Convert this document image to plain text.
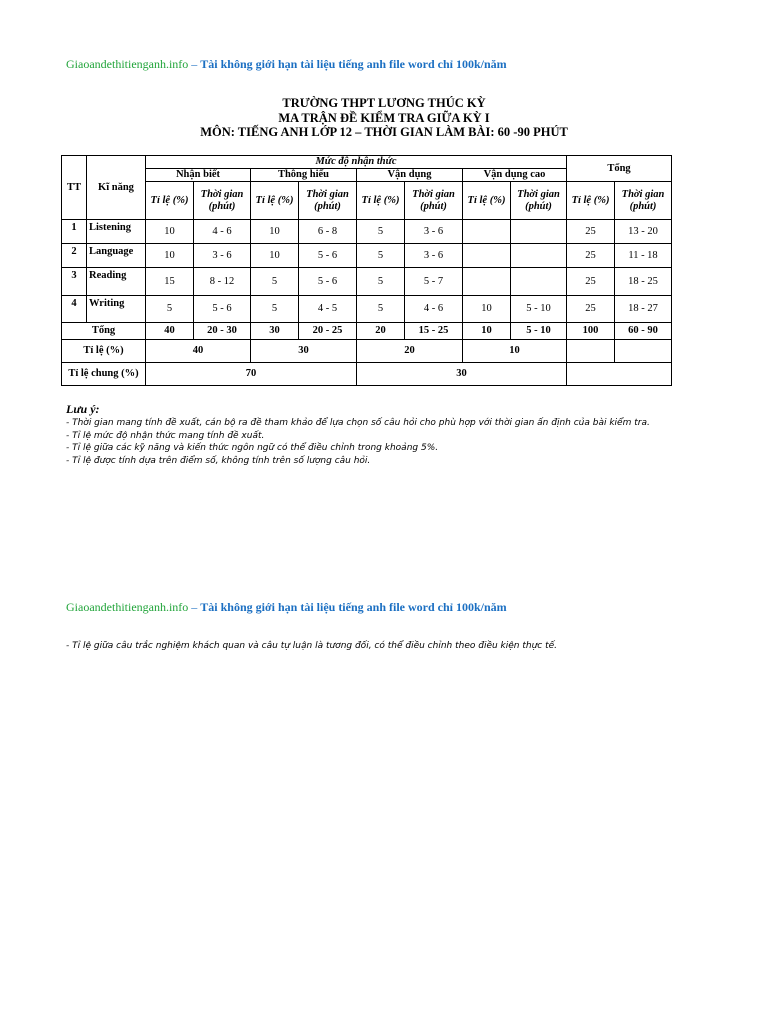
Giaoandethitienganh.info – Tài không giới hạn tài liệu tiếng anh file word chỉ 100k/năm
TRƯỜNG THPT LƯƠNG THÚC KỲ
MA TRẬN ĐỀ KIỂM TRA GIỮA KỲ I
MÔN: TIẾNG ANH LỚP 12 – THỜI GIAN LÀM BÀI: 60 -90 PHÚT
TT	Kĩ năng	Mức độ nhận thức								Tổng	
		Nhận biết		Thông hiểu		Vận dụng		Vận dụng cao			
		Tỉ lệ (%)	Thời gian (phút)	Tỉ lệ (%)	Thời gian (phút)	Tỉ lệ (%)	Thời gian (phút)	Tỉ lệ (%)	Thời gian (phút)	Tỉ lệ (%)	Thời gian (phút)
1	Listening	10	4 - 6	10	6 - 8	5	3 - 6			25	13 - 20
2	Language	10	3 - 6	10	5 - 6	5	3 - 6			25	11 - 18
3	Reading	15	8 - 12	5	5 - 6	5	5 - 7			25	18 - 25
4	Writing	5	5 - 6	5	4 - 5	5	4 - 6	10	5 - 10	25	18 - 27
Tổng		40	20 - 30	30	20 - 25	20	15 - 25	10	5 - 10	100	60 - 90
Tỉ lệ (%)		40		30		20		10			
Tỉ lệ chung (%)		70				30					
Lưu ý:
- Thời gian mang tính đề xuất, cán bộ ra đề tham khảo để lựa chọn số câu hỏi cho phù hợp với thời gian ấn định của bài kiểm tra.
- Tỉ lệ mức độ nhận thức mang tính đề xuất.
- Tỉ lệ giữa các kỹ năng và kiến thức ngôn ngữ có thể điều chỉnh trong khoảng 5%.
- Tỉ lệ được tính dựa trên điểm số, không tính trên số lượng câu hỏi.
Giaoandethitienganh.info – Tài không giới hạn tài liệu tiếng anh file word chỉ 100k/năm
- Tỉ lệ giữa câu trắc nghiệm khách quan và câu tự luận là tương đối, có thể điều chỉnh theo điều kiện thực tế.
